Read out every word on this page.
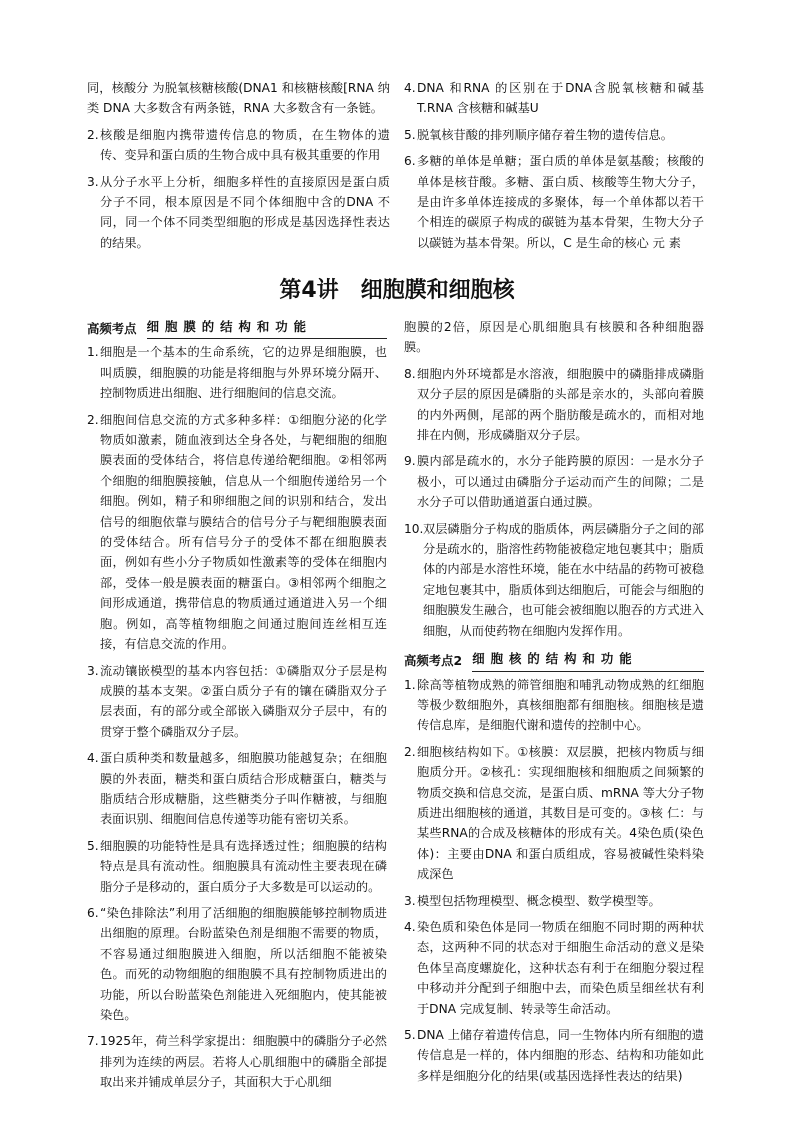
同，核酸分 为脱氧核糖核酸(DNA1 和核糖核酸[RNA 纳 类 DNA 大多数含有两条链，RNA 大多数含有一条链。
2. 核酸是细胞内携带遗传信息的物质，在生物体的遗传、变异和蛋白质的生物合成中具有极其重要的作用

3. 从分子水平上分析，细胞多样性的直接原因是蛋白质分子不同，根本原因是不同个体细胞中含的DNA 不同，同一个体不同类型细胞的形成是基因选择性表达的结果。

4. DNA 和RNA 的区别在于DNA含脱氧核糖和碱基T.RNA 含核糖和碱基U

5. 脱氧核苷酸的排列顺序储存着生物的遗传信息。

6. 多糖的单体是单糖；蛋白质的单体是氨基酸；核酸的单体是核苷酸。多糖、蛋白质、核酸等生物大分子，是由许多单体连接成的多聚体，每一个单体都以若干个相连的碳原子构成的碳链为基本骨架，生物大分子以碳链为基本骨架。所以，C 是生命的核心 元 素

第4讲　细胞膜和细胞核
高频考点 细胞膜的结构和功能
1. 细胞是一个基本的生命系统，它的边界是细胞膜，也叫质膜，细胞膜的功能是将细胞与外界环境分隔开、控制物质进出细胞、进行细胞间的信息交流。

2. 细胞间信息交流的方式多种多样：①细胞分泌的化学物质如激素，随血液到达全身各处，与靶细胞的细胞膜表面的受体结合，将信息传递给靶细胞。②相邻两个细胞的细胞膜接触，信息从一个细胞传递给另一个细胞。例如，精子和卵细胞之间的识别和结合，发出信号的细胞依靠与膜结合的信号分子与靶细胞膜表面的受体结合。所有信号分子的受体不都在细胞膜表面，例如有些小分子物质如性激素等的受体在细胞内部，受体一般是膜表面的糖蛋白。③相邻两个细胞之间形成通道，携带信息的物质通过通道进入另一个细胞。例如，高等植物细胞之间通过胞间连丝相互连接，有信息交流的作用。

3. 流动镶嵌模型的基本内容包括：①磷脂双分子层是构成膜的基本支架。②蛋白质分子有的镶在磷脂双分子层表面，有的部分或全部嵌入磷脂双分子层中，有的贯穿于整个磷脂双分子层。

4. 蛋白质种类和数量越多，细胞膜功能越复杂；在细胞膜的外表面，糖类和蛋白质结合形成糖蛋白，糖类与脂质结合形成糖脂，这些糖类分子叫作糖被，与细胞表面识别、细胞间信息传递等功能有密切关系。

5. 细胞膜的功能特性是具有选择透过性；细胞膜的结构特点是具有流动性。细胞膜具有流动性主要表现在磷脂分子是移动的，蛋白质分子大多数是可以运动的。

6. “染色排除法”利用了活细胞的细胞膜能够控制物质进出细胞的原理。台盼蓝染色剂是细胞不需要的物质，不容易通过细胞膜进入细胞，所以活细胞不能被染色。而死的动物细胞的细胞膜不具有控制物质进出的功能，所以台盼蓝染色剂能进入死细胞内，使其能被染色。

7. 1925年，荷兰科学家提出：细胞膜中的磷脂分子必然排列为连续的两层。若将人心肌细胞中的磷脂全部提取出来并铺成单层分子，其面积大于心肌细

胞膜的2倍，原因是心肌细胞具有核膜和各种细胞器膜。
8. 细胞内外环境都是水溶液，细胞膜中的磷脂排成磷脂双分子层的原因是磷脂的头部是亲水的，头部向着膜的内外两侧，尾部的两个脂肪酸是疏水的，而相对地排在内侧，形成磷脂双分子层。

9. 膜内部是疏水的，水分子能跨膜的原因：一是水分子极小，可以通过由磷脂分子运动而产生的间隙；二是水分子可以借助通道蛋白通过膜。

10. 双层磷脂分子构成的脂质体，两层磷脂分子之间的部分是疏水的，脂溶性药物能被稳定地包裹其中；脂质体的内部是水溶性环境，能在水中结晶的药物可被稳定地包裹其中，脂质体到达细胞后，可能会与细胞的细胞膜发生融合，也可能会被细胞以胞吞的方式进入细胞，从而使药物在细胞内发挥作用。

高频考点2 细胞核的结构和功能
1. 除高等植物成熟的筛管细胞和哺乳动物成熟的红细胞等极少数细胞外，真核细胞都有细胞核。细胞核是遗传信息库，是细胞代谢和遗传的控制中心。

2. 细胞核结构如下。①核膜：双层膜，把核内物质与细胞质分开。②核孔：实现细胞核和细胞质之间频繁的物质交换和信息交流，是蛋白质、mRNA 等大分子物质进出细胞核的通道，其数目是可变的。③核 仁：与某些RNA的合成及核糖体的形成有关。4染色质(染色体)：主要由DNA 和蛋白质组成，容易被碱性染料染成深色

3. 模型包括物理模型、概念模型、数学模型等。

4. 染色质和染色体是同一物质在细胞不同时期的两种状态，这两种不同的状态对于细胞生命活动的意义是染色体呈高度螺旋化，这种状态有利于在细胞分裂过程中移动并分配到子细胞中去，而染色质呈细丝状有利于DNA 完成复制、转录等生命活动。

5. DNA 上储存着遗传信息，同一生物体内所有细胞的遗传信息是一样的，体内细胞的形态、结构和功能如此多样是细胞分化的结果(或基因选择性表达的结果)
